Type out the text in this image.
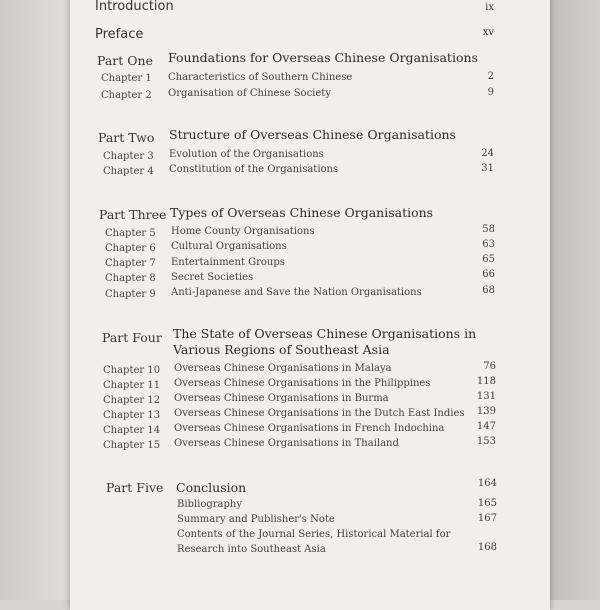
Introduction	ix
Preface	xv
Part One Foundations for Overseas Chinese Organisations
Chapter 1 Characteristics of Southern Chinese	2
Chapter 2 Organisation of Chinese Society	9
Part Two Structure of Overseas Chinese Organisations
Chapter 3 Evolution of the Organisations	24
Chapter 4 Constitution of the Organisations	31
Part Three Types of Overseas Chinese Organisations
Chapter 5 Home County Organisations	58
Chapter 6 Cultural Organisations	63
Chapter 7 Entertainment Groups	65
Chapter 8 Secret Societies	66
Chapter 9 Anti-Japanese and Save the Nation Organisations	68
Part Four The State of Overseas Chinese Organisations in
Various Regions of Southeast Asia
Chapter 10 Overseas Chinese Organisations in Malaya	76
Chapter 11 Overseas Chinese Organisations in the Philippines	118
Chapter 12 Overseas Chinese Organisations in Burma	131
Chapter 13 Overseas Chinese Organisations in the Dutch East Indies	139
Chapter 14 Overseas Chinese Organisations in French Indochina	147
Chapter 15 Overseas Chinese Organisations in Thailand	153
Part Five Conclusion	164
Bibliography	165
Summary and Publisher's Note	167
Contents of the Journal Series, Historical Material for
Research into Southeast Asia	168
